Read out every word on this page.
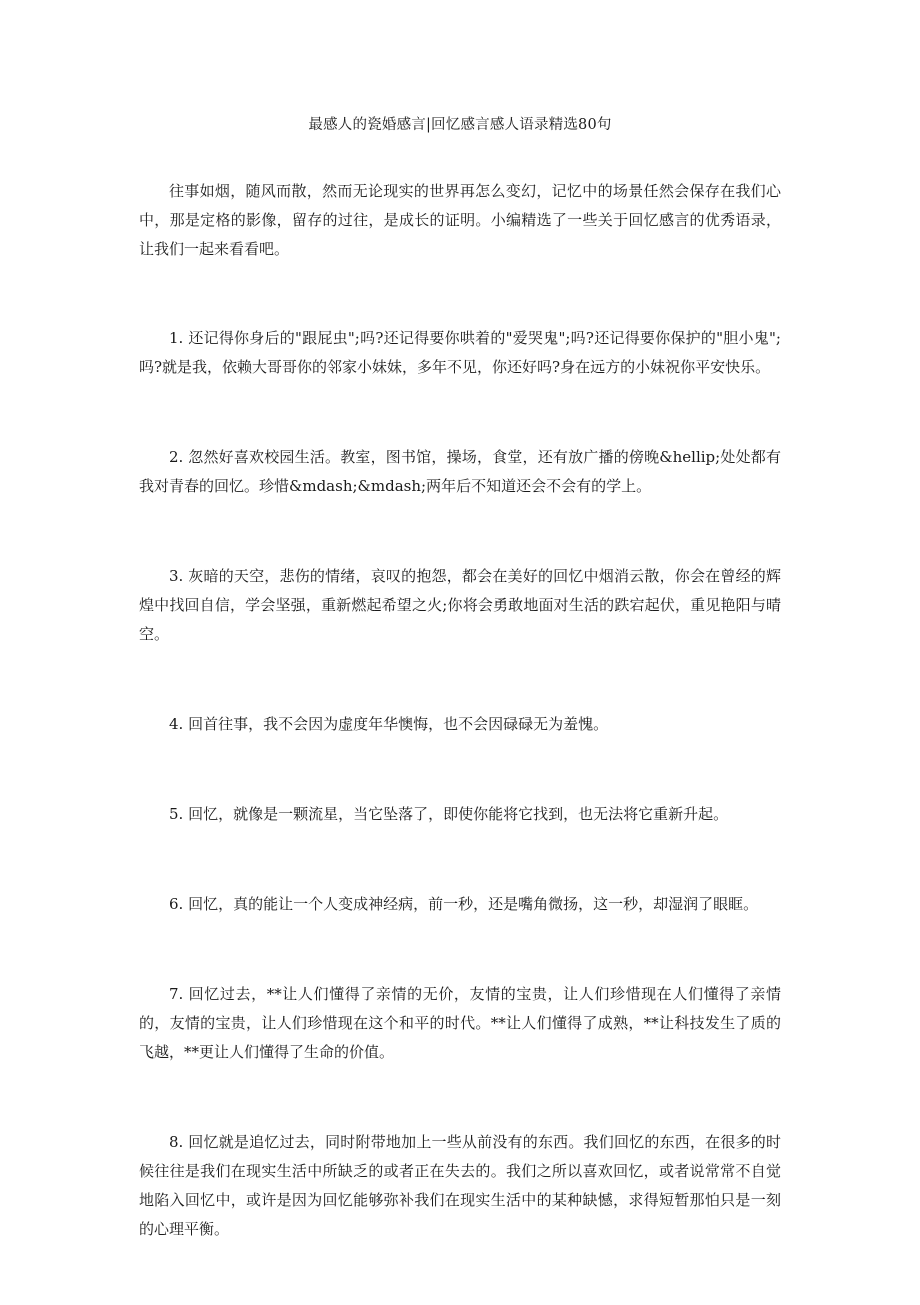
最感人的瓷婚感言|回忆感言感人语录精选80句

往事如烟，随风而散，然而无论现实的世界再怎么变幻，记忆中的场景任然会保存在我们心中，那是定格的影像，留存的过往，是成长的证明。小编精选了一些关于回忆感言的优秀语录，让我们一起来看看吧。

1. 还记得你身后的"跟屁虫";吗?还记得要你哄着的"爱哭鬼";吗?还记得要你保护的"胆小鬼";吗?就是我，依赖大哥哥你的邻家小妹妹，多年不见，你还好吗?身在远方的小妹祝你平安快乐。

2. 忽然好喜欢校园生活。教室，图书馆，操场，食堂，还有放广播的傍晚&hellip;处处都有我对青春的回忆。珍惜&mdash;&mdash;两年后不知道还会不会有的学上。

3. 灰暗的天空，悲伤的情绪，哀叹的抱怨，都会在美好的回忆中烟消云散，你会在曾经的辉煌中找回自信，学会坚强，重新燃起希望之火;你将会勇敢地面对生活的跌宕起伏，重见艳阳与晴空。

4. 回首往事，我不会因为虚度年华懊悔，也不会因碌碌无为羞愧。

5. 回忆，就像是一颗流星，当它坠落了，即使你能将它找到，也无法将它重新升起。

6. 回忆，真的能让一个人变成神经病，前一秒，还是嘴角微扬，这一秒，却湿润了眼眶。

7. 回忆过去，**让人们懂得了亲情的无价，友情的宝贵，让人们珍惜现在人们懂得了亲情的，友情的宝贵，让人们珍惜现在这个和平的时代。**让人们懂得了成熟，**让科技发生了质的飞越，**更让人们懂得了生命的价值。

8. 回忆就是追忆过去，同时附带地加上一些从前没有的东西。我们回忆的东西，在很多的时候往往是我们在现实生活中所缺乏的或者正在失去的。我们之所以喜欢回忆，或者说常常不自觉地陷入回忆中，或许是因为回忆能够弥补我们在现实生活中的某种缺憾，求得短暂那怕只是一刻的心理平衡。
